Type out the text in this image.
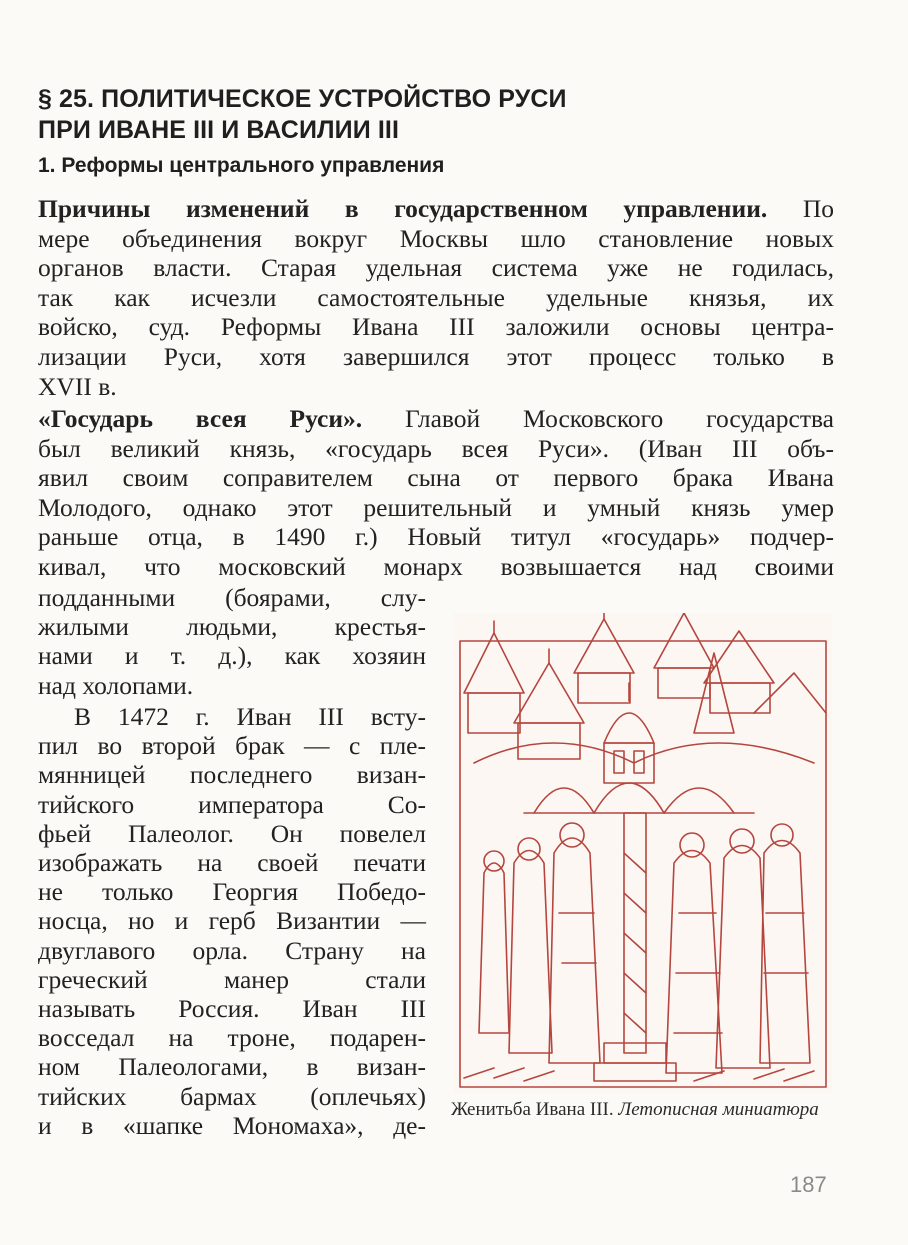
§ 25. ПОЛИТИЧЕСКОЕ УСТРОЙСТВО РУСИ
ПРИ ИВАНЕ III И ВАСИЛИИ III
1. Реформы центрального управления
Причины изменений в государственном управлении. По
мере объединения вокруг Москвы шло становление новых
органов власти. Старая удельная система уже не годилась,
так как исчезли самостоятельные удельные князья, их
войско, суд. Реформы Ивана III заложили основы центра-
лизации Руси, хотя завершился этот процесс только в
XVII в.
«Государь всея Руси». Главой Московского государства
был великий князь, «государь всея Руси». (Иван III объ-
явил своим соправителем сына от первого брака Ивана
Молодого, однако этот решительный и умный князь умер
раньше отца, в 1490 г.) Новый титул «государь» подчер-
кивал, что московский монарх возвышается над своими
подданными (боярами, слу-
жилыми людьми, крестья-
нами и т. д.), как хозяин
над холопами.
В 1472 г. Иван III всту-
пил во второй брак — с пле-
мянницей последнего визан-
тийского императора Со-
фьей Палеолог. Он повелел
изображать на своей печати
не только Георгия Победо-
носца, но и герб Византии —
двуглавого орла. Страну на
греческий манер стали
называть Россия. Иван III
восседал на троне, подарен-
ном Палеологами, в визан-
тийских бармах (оплечьях)
и в «шапке Мономаха», де-
Женитьба Ивана III. Летописная миниатюра
187
